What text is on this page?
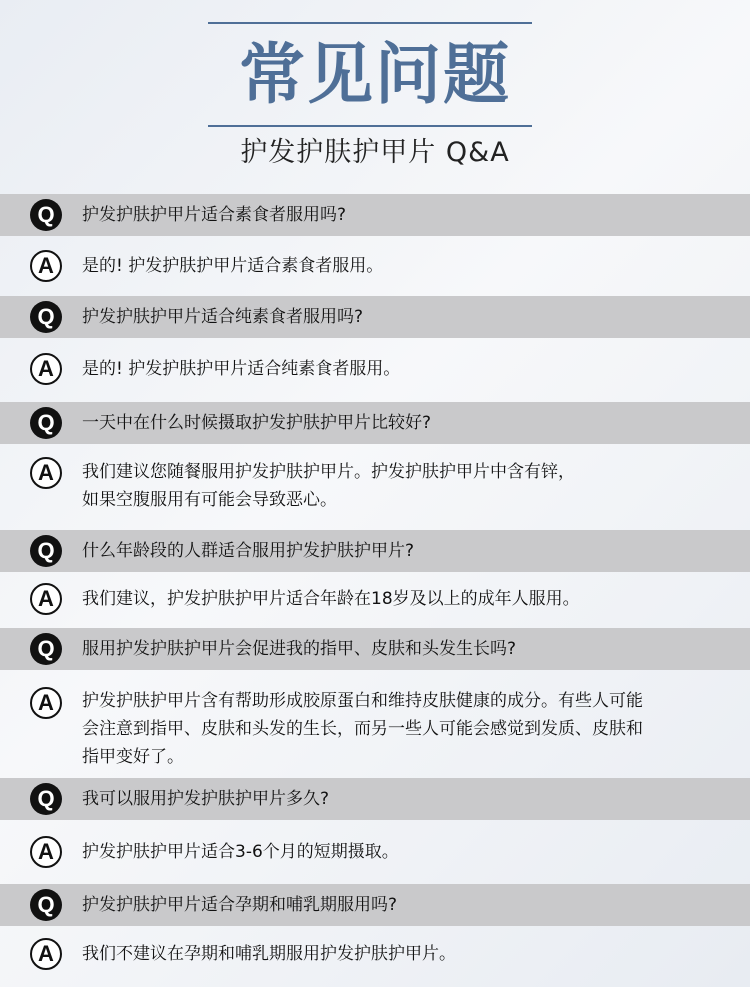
常见问题
护发护肤护甲片 Q&A
Q	护发护肤护甲片适合素食者服用吗?
A	是的! 护发护肤护甲片适合素食者服用。
Q	护发护肤护甲片适合纯素食者服用吗?
A	是的! 护发护肤护甲片适合纯素食者服用。
Q	一天中在什么时候摄取护发护肤护甲片比较好?
A	我们建议您随餐服用护发护肤护甲片。护发护肤护甲片中含有锌，
如果空腹服用有可能会导致恶心。
Q	什么年龄段的人群适合服用护发护肤护甲片?
A	我们建议，护发护肤护甲片适合年龄在18岁及以上的成年人服用。
Q	服用护发护肤护甲片会促进我的指甲、皮肤和头发生长吗?
A	护发护肤护甲片含有帮助形成胶原蛋白和维持皮肤健康的成分。有些人可能
会注意到指甲、皮肤和头发的生长，而另一些人可能会感觉到发质、皮肤和
指甲变好了。
Q	我可以服用护发护肤护甲片多久?
A	护发护肤护甲片适合3-6个月的短期摄取。
Q	护发护肤护甲片适合孕期和哺乳期服用吗?
A	我们不建议在孕期和哺乳期服用护发护肤护甲片。
